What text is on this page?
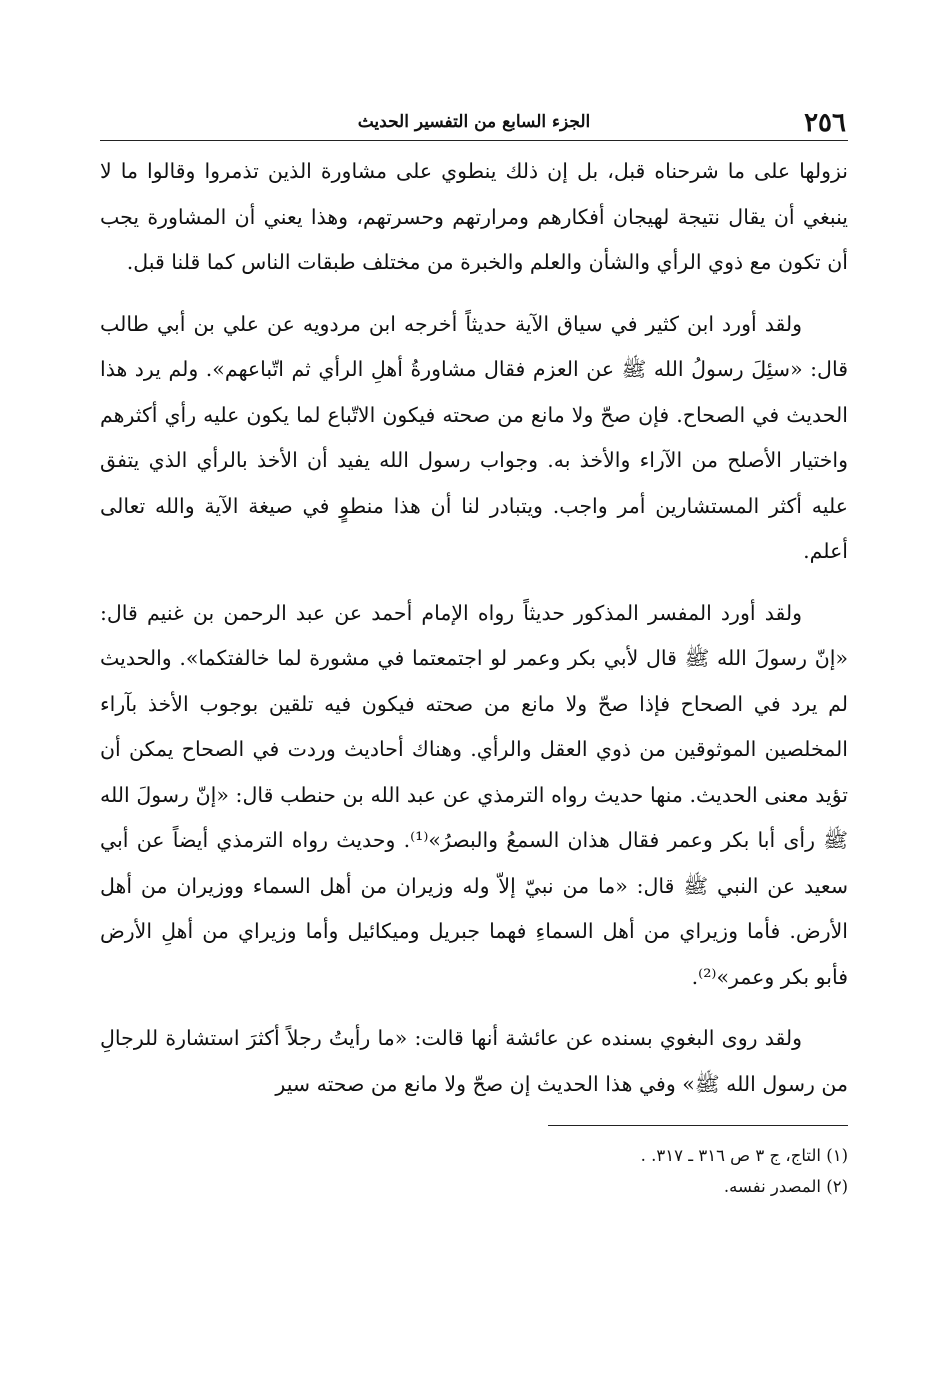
٢٥٦
الجزء السابع من التفسير الحديث

نزولها على ما شرحناه قبل، بل إن ذلك ينطوي على مشاورة الذين تذمروا وقالوا ما لا ينبغي أن يقال نتيجة لهيجان أفكارهم ومرارتهم وحسرتهم، وهذا يعني أن المشاورة يجب أن تكون مع ذوي الرأي والشأن والعلم والخبرة من مختلف طبقات الناس كما قلنا قبل.

ولقد أورد ابن كثير في سياق الآية حديثاً أخرجه ابن مردويه عن علي بن أبي طالب قال: «سئِلَ رسولُ الله ﷺ عن العزم فقال مشاورةُ أهلِ الرأي ثم اتّباعهم». ولم يرد هذا الحديث في الصحاح. فإن صحّ ولا مانع من صحته فيكون الاتّباع لما يكون عليه رأي أكثرهم واختيار الأصلح من الآراء والأخذ به. وجواب رسول الله يفيد أن الأخذ بالرأي الذي يتفق عليه أكثر المستشارين أمر واجب. ويتبادر لنا أن هذا منطوٍ في صيغة الآية والله تعالى أعلم.

ولقد أورد المفسر المذكور حديثاً رواه الإمام أحمد عن عبد الرحمن بن غنيم قال: «إنّ رسولَ الله ﷺ قال لأبي بكر وعمر لو اجتمعتما في مشورة لما خالفتكما». والحديث لم يرد في الصحاح فإذا صحّ ولا مانع من صحته فيكون فيه تلقين بوجوب الأخذ بآراء المخلصين الموثوقين من ذوي العقل والرأي. وهناك أحاديث وردت في الصحاح يمكن أن تؤيد معنى الحديث. منها حديث رواه الترمذي عن عبد الله بن حنطب قال: «إنّ رسولَ الله ﷺ رأى أبا بكر وعمر فقال هذان السمعُ والبصرُ»⁽¹⁾. وحديث رواه الترمذي أيضاً عن أبي سعيد عن النبي ﷺ قال: «ما من نبيّ إلاّ وله وزيران من أهل السماء ووزيران من أهل الأرض. فأما وزيراي من أهل السماءِ فهما جبريل وميكائيل وأما وزيراي من أهلِ الأرض فأبو بكر وعمر»⁽²⁾.

ولقد روى البغوي بسنده عن عائشة أنها قالت: «ما رأيتُ رجلاً أكثرَ استشارة للرجالِ من رسول الله ﷺ» وفي هذا الحديث إن صحّ ولا مانع من صحته سير

(١) التاج، ج ٣ ص ٣١٦ ـ ٣١٧. .

(٢) المصدر نفسه.
